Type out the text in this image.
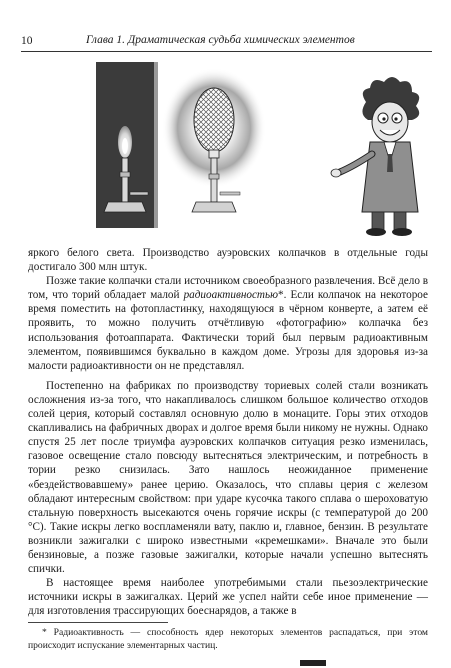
10	Глава 1. Драматическая судьба химических элементов

яркого белого света. Производство ауэровских колпачков в отдельные годы достигало 300 млн штук.

Позже такие колпачки стали источником своеобразного развлечения. Всё дело в том, что торий обладает малой радиоактивностью*. Если колпачок на некоторое время поместить на фотопластинку, находящуюся в чёрном конверте, а затем её проявить, то можно получить отчётливую «фотографию» колпачка без использования фотоаппарата. Фактически торий был первым радиоактивным элементом, появившимся буквально в каждом доме. Угрозы для здоровья из-за малости радиоактивности он не представлял.

Постепенно на фабриках по производству ториевых солей стали возникать осложнения из-за того, что накапливалось слишком большое количество отходов солей церия, который составлял основную долю в монаците. Горы этих отходов скапливались на фабричных дворах и долгое время были никому не нужны. Однако спустя 25 лет после триумфа ауэровских колпачков ситуация резко изменилась, газовое освещение стало повсюду вытесняться электрическим, и потребность в тории резко снизилась. Зато нашлось неожиданное применение «бездействовавшему» ранее церию. Оказалось, что сплавы церия с железом обладают интересным свойством: при ударе кусочка такого сплава о шероховатую стальную поверхность высекаются очень горячие искры (с температурой до 200 °С). Такие искры легко воспламеняли вату, паклю и, главное, бензин. В результате возникли зажигалки с широко известными «кремешками». Вначале это были бензиновые, а позже газовые зажигалки, которые начали успешно вытеснять спички.

В настоящее время наиболее употребимыми стали пьезоэлектрические источники искры в зажигалках. Церий же успел найти себе иное применение — для изготовления трассирующих боеснарядов, а также в

* Радиоактивность — способность ядер некоторых элементов распадаться, при этом происходит испускание элементарных частиц.
